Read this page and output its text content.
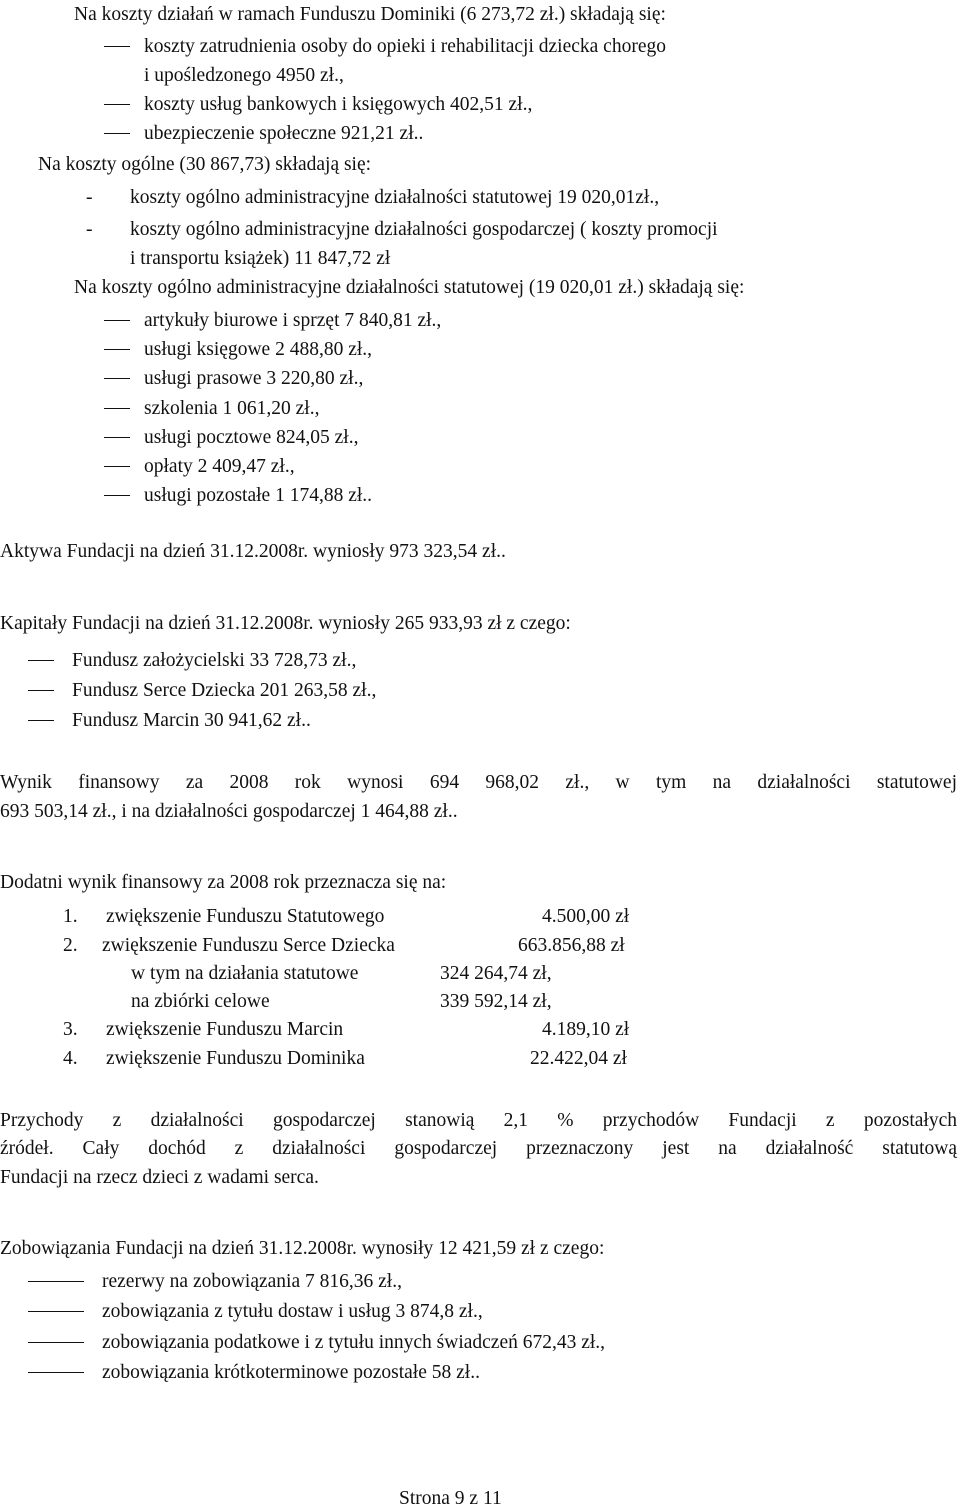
Na koszty działań w ramach Funduszu Dominiki (6 273,72 zł.) składają się:
koszty zatrudnienia osoby do opieki i rehabilitacji dziecka chorego
i upośledzonego 4950 zł.,
koszty usług bankowych i księgowych 402,51 zł.,
ubezpieczenie społeczne 921,21 zł..
Na koszty ogólne (30 867,73) składają się:
- koszty ogólno administracyjne działalności statutowej 19 020,01zł.,
- koszty ogólno administracyjne działalności gospodarczej ( koszty promocji
i transportu książek) 11 847,72 zł
Na koszty ogólno administracyjne działalności statutowej (19 020,01 zł.) składają się:
artykuły biurowe i sprzęt 7 840,81 zł.,
usługi księgowe 2 488,80 zł.,
usługi prasowe 3 220,80 zł.,
szkolenia 1 061,20 zł.,
usługi pocztowe 824,05 zł.,
opłaty 2 409,47 zł.,
usługi pozostałe 1 174,88 zł..
Aktywa Fundacji na dzień 31.12.2008r. wyniosły 973 323,54 zł..
Kapitały Fundacji na dzień 31.12.2008r. wyniosły 265 933,93 zł z czego:
Fundusz założycielski 33 728,73 zł.,
Fundusz Serce Dziecka 201 263,58 zł.,
Fundusz Marcin 30 941,62 zł..
Wynik finansowy za 2008 rok wynosi 694 968,02 zł., w tym na działalności statutowej
693 503,14 zł., i na działalności gospodarczej 1 464,88 zł..
Dodatni wynik finansowy za 2008 rok przeznacza się na:
1. zwiększenie Funduszu Statutowego	4.500,00 zł
2. zwiększenie Funduszu Serce Dziecka	663.856,88 zł
w tym na działania statutowe	324 264,74 zł,
na zbiórki celowe	339 592,14 zł,
3. zwiększenie Funduszu Marcin	4.189,10 zł
4. zwiększenie Funduszu Dominika	22.422,04 zł
Przychody z działalności gospodarczej stanowią 2,1 % przychodów Fundacji z pozostałych
źródeł. Cały dochód z działalności gospodarczej przeznaczony jest na działalność statutową
Fundacji na rzecz dzieci z wadami serca.
Zobowiązania Fundacji na dzień 31.12.2008r. wynosiły 12 421,59 zł z czego:
rezerwy na zobowiązania 7 816,36 zł.,
zobowiązania z tytułu dostaw i usług 3 874,8 zł.,
zobowiązania podatkowe i z tytułu innych świadczeń 672,43 zł.,
zobowiązania krótkoterminowe pozostałe 58 zł..
Strona 9 z 11
